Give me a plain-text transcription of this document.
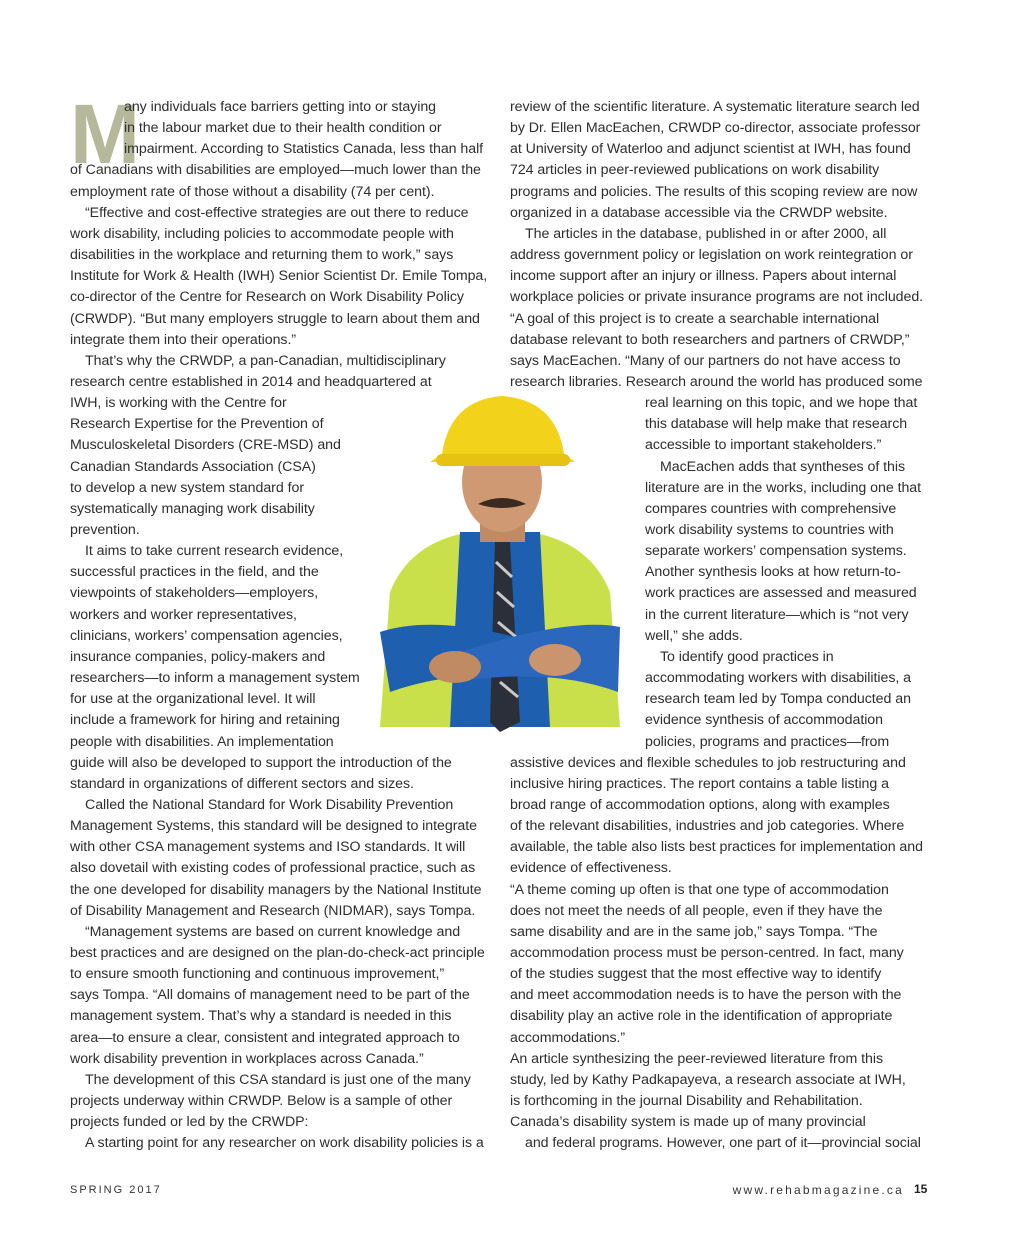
M
any individuals face barriers getting into or staying
in the labour market due to their health condition or
impairment. According to Statistics Canada, less than half
of Canadians with disabilities are employed—much lower than the
employment rate of those without a disability (74 per cent).
“Effective and cost-effective strategies are out there to reduce
work disability, including policies to accommodate people with
disabilities in the workplace and returning them to work,” says
Institute for Work & Health (IWH) Senior Scientist Dr. Emile Tompa,
co-director of the Centre for Research on Work Disability Policy
(CRWDP). “But many employers struggle to learn about them and
integrate them into their operations.”
That’s why the CRWDP, a pan-Canadian, multidisciplinary
research centre established in 2014 and headquartered at
IWH, is working with the Centre for
Research Expertise for the Prevention of
Musculoskeletal Disorders (CRE-MSD) and
Canadian Standards Association (CSA)
to develop a new system standard for
systematically managing work disability
prevention.
It aims to take current research evidence,
successful practices in the field, and the
viewpoints of stakeholders—employers,
workers and worker representatives,
clinicians, workers’ compensation agencies,
insurance companies, policy-makers and
researchers—to inform a management system
for use at the organizational level. It will
include a framework for hiring and retaining
people with disabilities. An implementation
guide will also be developed to support the introduction of the
standard in organizations of different sectors and sizes.
Called the National Standard for Work Disability Prevention
Management Systems, this standard will be designed to integrate
with other CSA management systems and ISO standards. It will
also dovetail with existing codes of professional practice, such as
the one developed for disability managers by the National Institute
of Disability Management and Research (NIDMAR), says Tompa.
“Management systems are based on current knowledge and
best practices and are designed on the plan-do-check-act principle
to ensure smooth functioning and continuous improvement,”
says Tompa. “All domains of management need to be part of the
management system. That’s why a standard is needed in this
area—to ensure a clear, consistent and integrated approach to
work disability prevention in workplaces across Canada.”
The development of this CSA standard is just one of the many
projects underway within CRWDP. Below is a sample of other
projects funded or led by the CRWDP:
A starting point for any researcher on work disability policies is a
review of the scientific literature. A systematic literature search led
by Dr. Ellen MacEachen, CRWDP co-director, associate professor
at University of Waterloo and adjunct scientist at IWH, has found
724 articles in peer-reviewed publications on work disability
programs and policies. The results of this scoping review are now
organized in a database accessible via the CRWDP website.
The articles in the database, published in or after 2000, all
address government policy or legislation on work reintegration or
income support after an injury or illness. Papers about internal
workplace policies or private insurance programs are not included.
“A goal of this project is to create a searchable international
database relevant to both researchers and partners of CRWDP,”
says MacEachen. “Many of our partners do not have access to
research libraries. Research around the world has produced some
real learning on this topic, and we hope that
this database will help make that research
accessible to important stakeholders.”
MacEachen adds that syntheses of this
literature are in the works, including one that
compares countries with comprehensive
work disability systems to countries with
separate workers’ compensation systems.
Another synthesis looks at how return-to-
work practices are assessed and measured
in the current literature—which is “not very
well,” she adds.
To identify good practices in
accommodating workers with disabilities, a
research team led by Tompa conducted an
evidence synthesis of accommodation
policies, programs and practices—from
assistive devices and flexible schedules to job restructuring and
inclusive hiring practices. The report contains a table listing a
broad range of accommodation options, along with examples
of the relevant disabilities, industries and job categories. Where
available, the table also lists best practices for implementation and
evidence of effectiveness.
“A theme coming up often is that one type of accommodation
does not meet the needs of all people, even if they have the
same disability and are in the same job,” says Tompa. “The
accommodation process must be person-centred. In fact, many
of the studies suggest that the most effective way to identify
and meet accommodation needs is to have the person with the
disability play an active role in the identification of appropriate
accommodations.”
An article synthesizing the peer-reviewed literature from this
study, led by Kathy Padkapayeva, a research associate at IWH,
is forthcoming in the journal Disability and Rehabilitation.
Canada’s disability system is made up of many provincial
and federal programs. However, one part of it—provincial social
SPRING 2017	www.rehabmagazine.ca 15
